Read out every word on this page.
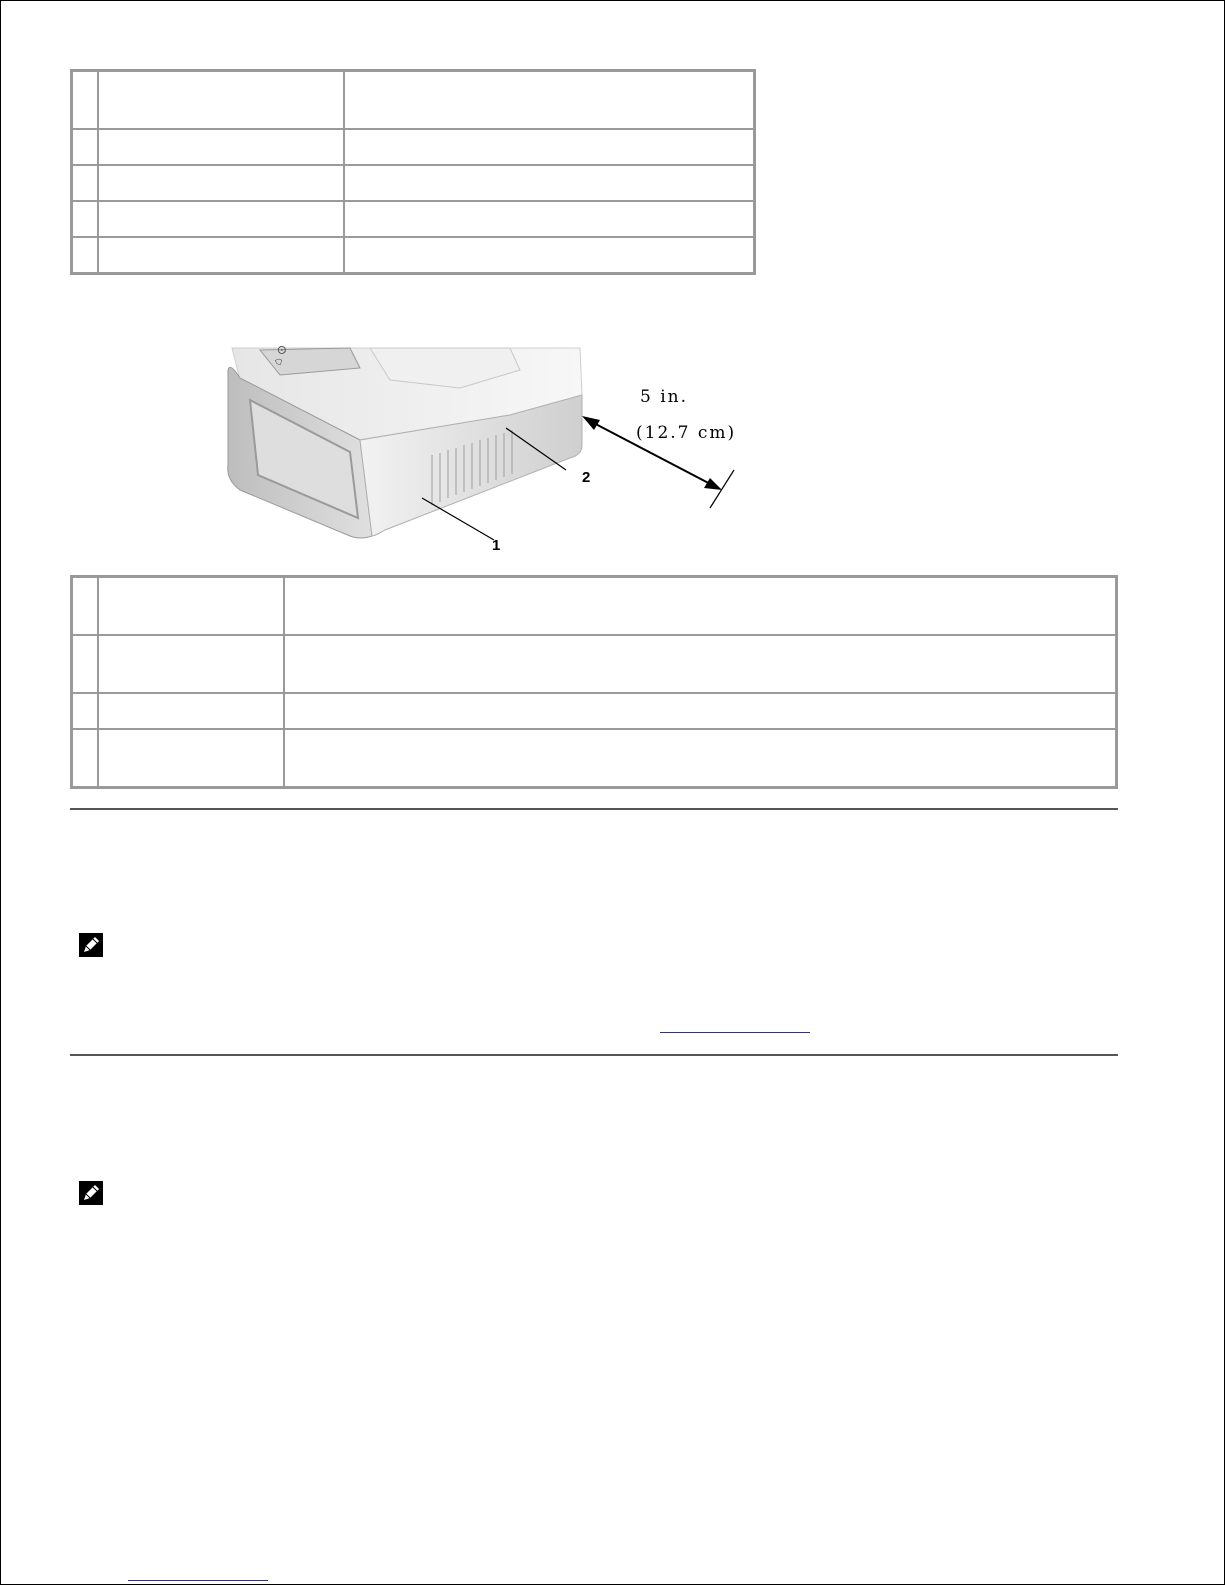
⌂ ⊙
1
2
5 in.
(12.7 cm)
